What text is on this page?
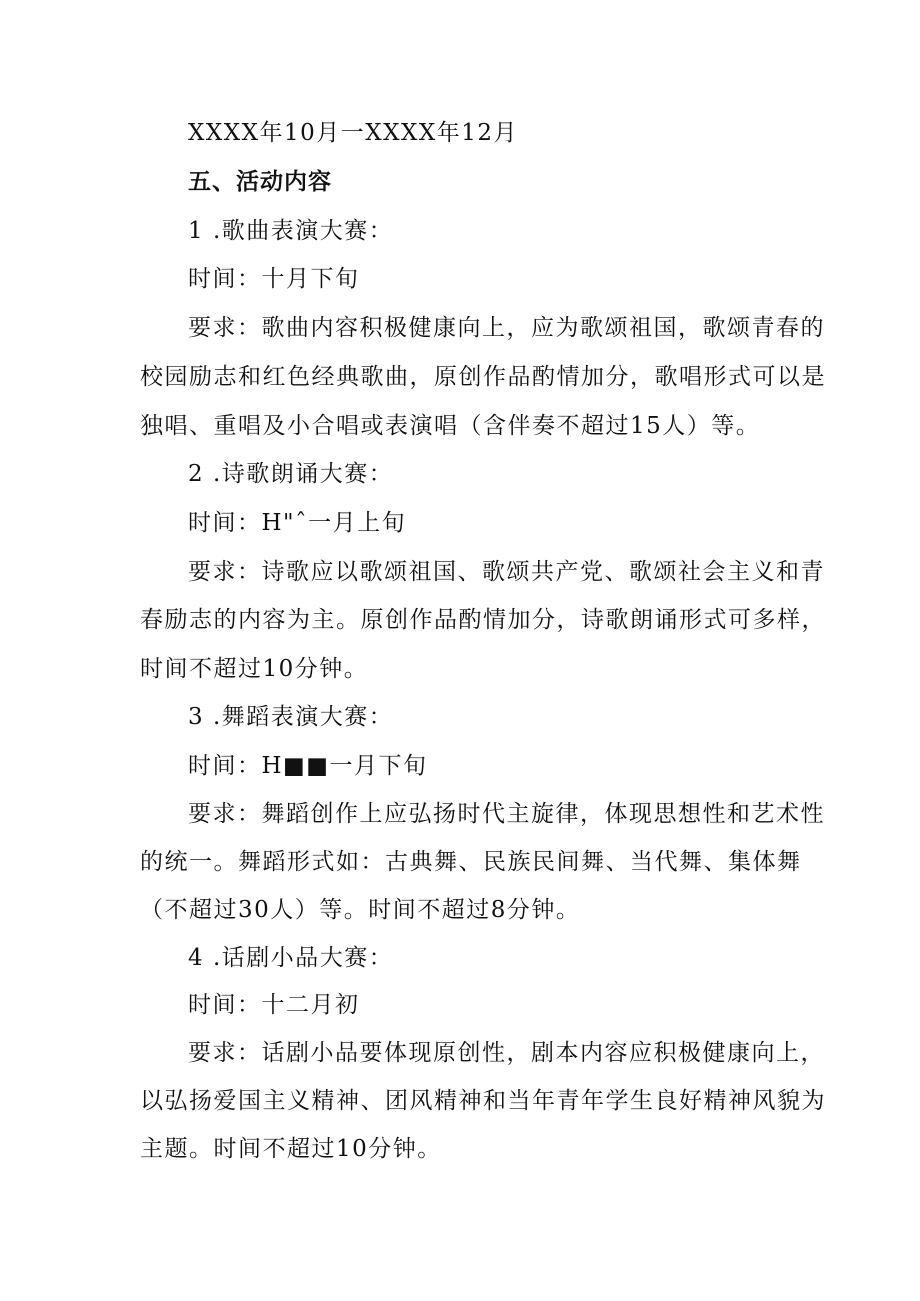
XXXX年10月一XXXX年12月
五、活动内容
1 .歌曲表演大赛：
时间：十月下旬
要求：歌曲内容积极健康向上，应为歌颂祖国，歌颂青春的
校园励志和红色经典歌曲，原创作品酌情加分，歌唱形式可以是
独唱、重唱及小合唱或表演唱（含伴奏不超过15人）等。
2 .诗歌朗诵大赛：
时间：H"ˆ一月上旬
要求：诗歌应以歌颂祖国、歌颂共产党、歌颂社会主义和青
春励志的内容为主。原创作品酌情加分，诗歌朗诵形式可多样，
时间不超过10分钟。
3 .舞蹈表演大赛：
时间：H■■一月下旬
要求：舞蹈创作上应弘扬时代主旋律，体现思想性和艺术性
的统一。舞蹈形式如：古典舞、民族民间舞、当代舞、集体舞
（不超过30人）等。时间不超过8分钟。
4 .话剧小品大赛：
时间：十二月初
要求：话剧小品要体现原创性，剧本内容应积极健康向上，
以弘扬爱国主义精神、团风精神和当年青年学生良好精神风貌为
主题。时间不超过10分钟。
